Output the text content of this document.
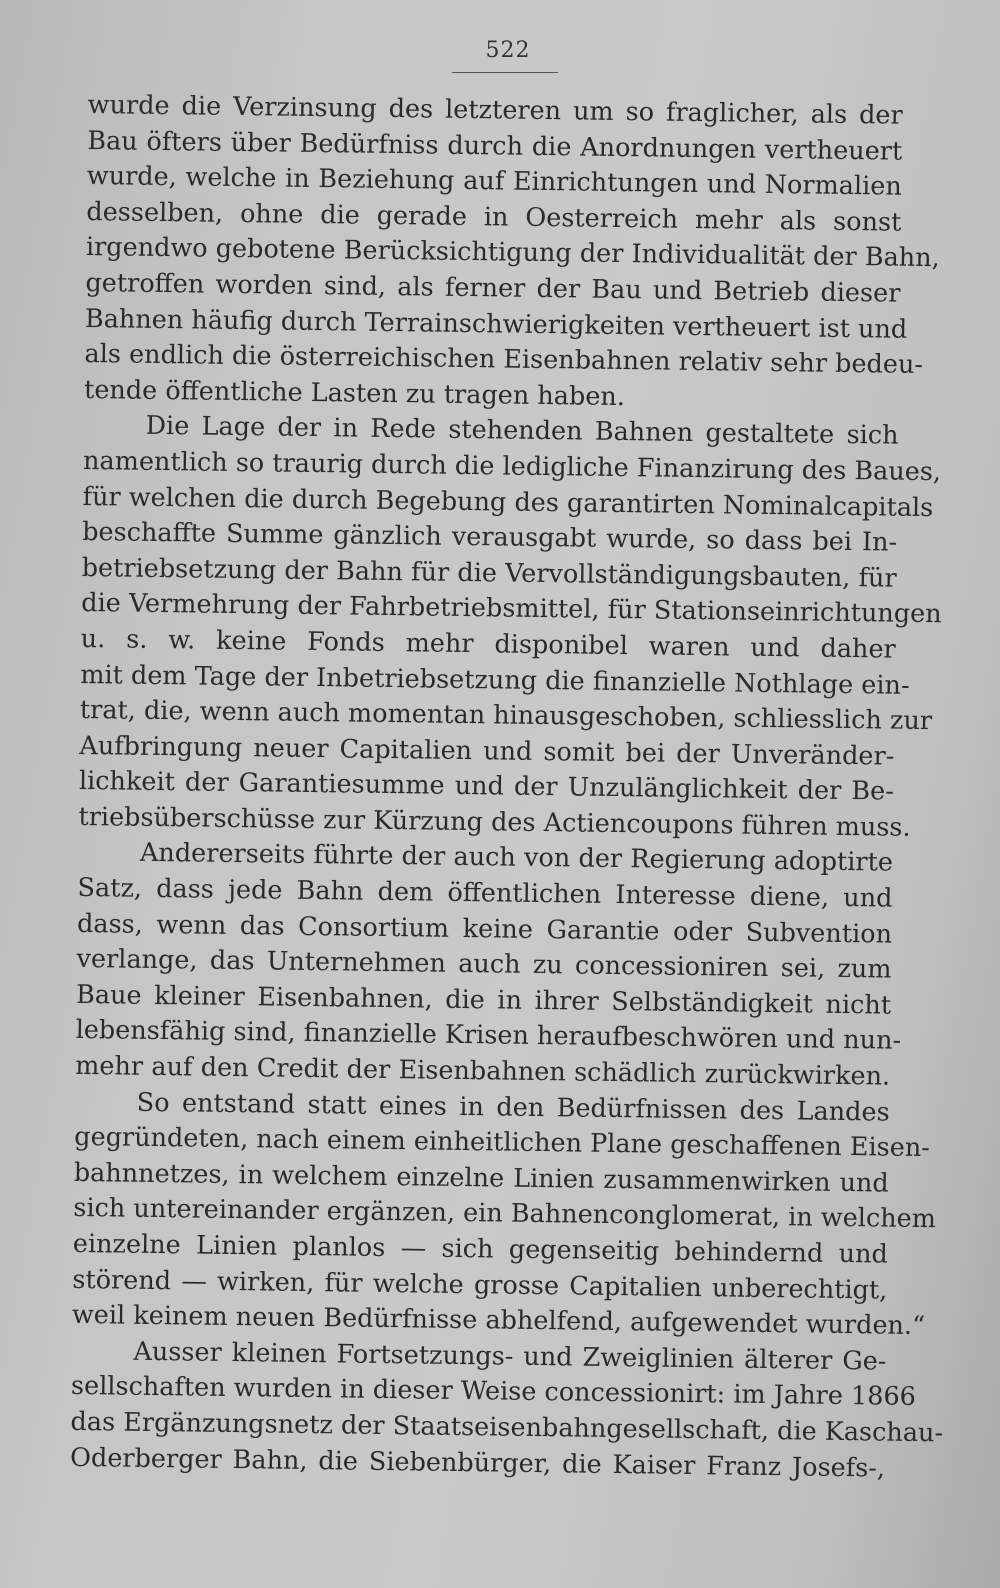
522
wurde die Verzinsung des letzteren um so fraglicher, als der
Bau öfters über Bedürfniss durch die Anordnungen vertheuert
wurde, welche in Beziehung auf Einrichtungen und Normalien
desselben, ohne die gerade in Oesterreich mehr als sonst
irgendwo gebotene Berücksichtigung der Individualität der Bahn,
getroffen worden sind, als ferner der Bau und Betrieb dieser
Bahnen häufig durch Terrainschwierigkeiten vertheuert ist und
als endlich die österreichischen Eisenbahnen relativ sehr bedeu-
tende öffentliche Lasten zu tragen haben.
Die Lage der in Rede stehenden Bahnen gestaltete sich
namentlich so traurig durch die ledigliche Finanzirung des Baues,
für welchen die durch Begebung des garantirten Nominalcapitals
beschaffte Summe gänzlich verausgabt wurde, so dass bei In-
betriebsetzung der Bahn für die Vervollständigungsbauten, für
die Vermehrung der Fahrbetriebsmittel, für Stationseinrichtungen
u. s. w. keine Fonds mehr disponibel waren und daher
mit dem Tage der Inbetriebsetzung die finanzielle Nothlage ein-
trat, die, wenn auch momentan hinausgeschoben, schliesslich zur
Aufbringung neuer Capitalien und somit bei der Unveränder-
lichkeit der Garantiesumme und der Unzulänglichkeit der Be-
triebsüberschüsse zur Kürzung des Actiencoupons führen muss.
Andererseits führte der auch von der Regierung adoptirte
Satz, dass jede Bahn dem öffentlichen Interesse diene, und
dass, wenn das Consortium keine Garantie oder Subvention
verlange, das Unternehmen auch zu concessioniren sei, zum
Baue kleiner Eisenbahnen, die in ihrer Selbständigkeit nicht
lebensfähig sind, finanzielle Krisen heraufbeschwören und nun-
mehr auf den Credit der Eisenbahnen schädlich zurückwirken.
So entstand statt eines in den Bedürfnissen des Landes
gegründeten, nach einem einheitlichen Plane geschaffenen Eisen-
bahnnetzes, in welchem einzelne Linien zusammenwirken und
sich untereinander ergänzen, ein Bahnenconglomerat, in welchem
einzelne Linien planlos — sich gegenseitig behindernd und
störend — wirken, für welche grosse Capitalien unberechtigt,
weil keinem neuen Bedürfnisse abhelfend, aufgewendet wurden.“
Ausser kleinen Fortsetzungs- und Zweiglinien älterer Ge-
sellschaften wurden in dieser Weise concessionirt: im Jahre 1866
das Ergänzungsnetz der Staatseisenbahngesellschaft, die Kaschau-
Oderberger Bahn, die Siebenbürger, die Kaiser Franz Josefs-,
